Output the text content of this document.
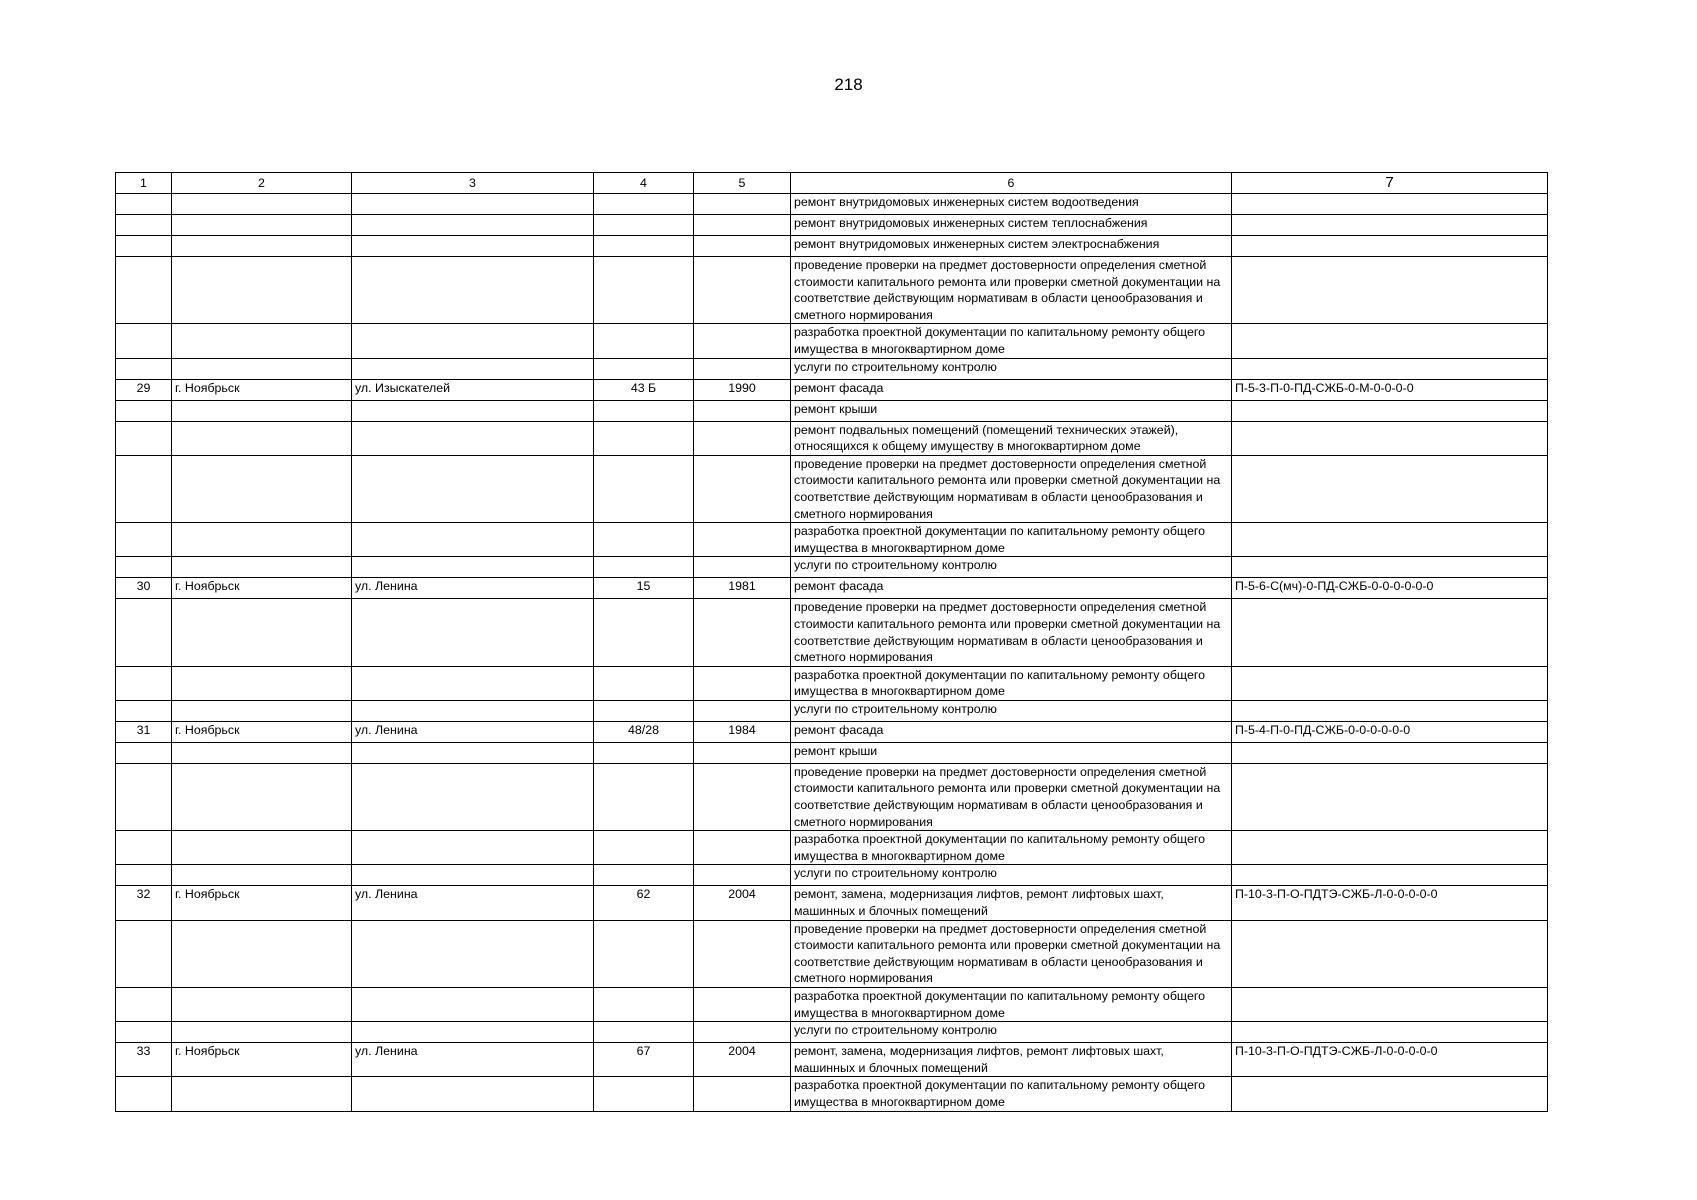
218
1	2	3	4	5	6	7
					ремонт внутридомовых инженерных систем водоотведения	
					ремонт внутридомовых инженерных систем теплоснабжения	
					ремонт внутридомовых инженерных систем электроснабжения	
					проведение проверки на предмет достоверности определения сметной стоимости капитального ремонта или проверки сметной документации на соответствие действующим нормативам в области ценообразования и сметного нормирования	
					разработка проектной документации по капитальному ремонту общего имущества в многоквартирном доме	
					услуги по строительному контролю	
29	г. Ноябрьск	ул. Изыскателей	43 Б	1990	ремонт фасада	П-5-3-П-0-ПД-СЖБ-0-М-0-0-0-0
					ремонт крыши	
					ремонт подвальных помещений (помещений технических этажей), относящихся к общему имуществу в многоквартирном доме	
					проведение проверки на предмет достоверности определения сметной стоимости капитального ремонта или проверки сметной документации на соответствие действующим нормативам в области ценообразования и сметного нормирования	
					разработка проектной документации по капитальному ремонту общего имущества в многоквартирном доме	
					услуги по строительному контролю	
30	г. Ноябрьск	ул. Ленина	15	1981	ремонт фасада	П-5-6-С(мч)-0-ПД-СЖБ-0-0-0-0-0-0
					проведение проверки на предмет достоверности определения сметной стоимости капитального ремонта или проверки сметной документации на соответствие действующим нормативам в области ценообразования и сметного нормирования	
					разработка проектной документации по капитальному ремонту общего имущества в многоквартирном доме	
					услуги по строительному контролю	
31	г. Ноябрьск	ул. Ленина	48/28	1984	ремонт фасада	П-5-4-П-0-ПД-СЖБ-0-0-0-0-0-0
					ремонт крыши	
					проведение проверки на предмет достоверности определения сметной стоимости капитального ремонта или проверки сметной документации на соответствие действующим нормативам в области ценообразования и сметного нормирования	
					разработка проектной документации по капитальному ремонту общего имущества в многоквартирном доме	
					услуги по строительному контролю	
32	г. Ноябрьск	ул. Ленина	62	2004	ремонт, замена, модернизация лифтов, ремонт лифтовых шахт, машинных и блочных помещений	П-10-3-П-О-ПДТЭ-СЖБ-Л-0-0-0-0-0
					проведение проверки на предмет достоверности определения сметной стоимости капитального ремонта или проверки сметной документации на соответствие действующим нормативам в области ценообразования и сметного нормирования	
					разработка проектной документации по капитальному ремонту общего имущества в многоквартирном доме	
					услуги по строительному контролю	
33	г. Ноябрьск	ул. Ленина	67	2004	ремонт, замена, модернизация лифтов, ремонт лифтовых шахт, машинных и блочных помещений	П-10-3-П-О-ПДТЭ-СЖБ-Л-0-0-0-0-0
					разработка проектной документации по капитальному ремонту общего имущества в многоквартирном доме	
